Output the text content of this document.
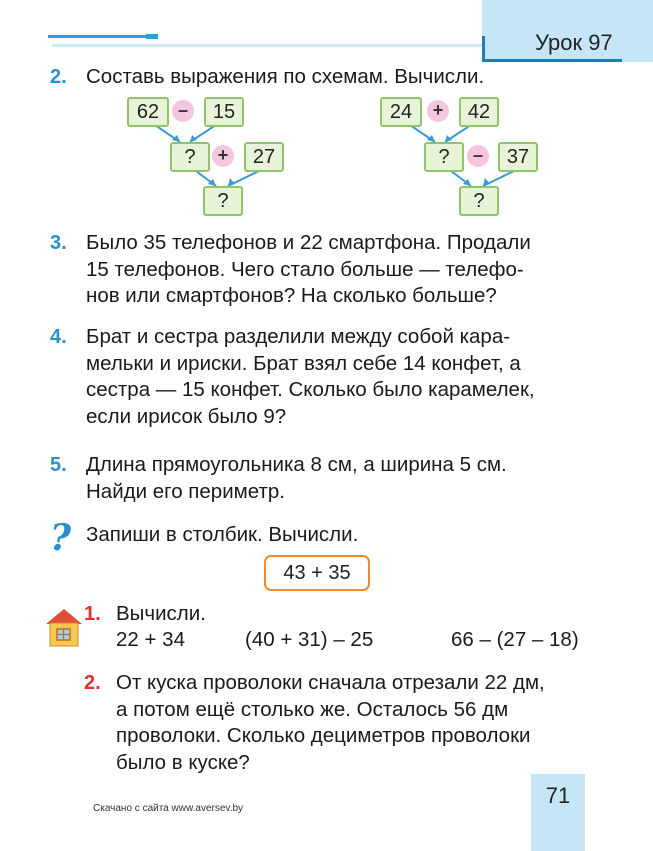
Урок 97
2. Составь выражения по схемам. Вычисли.
62	–	15
?	+	27
?
24	+	42
?	–	37
?
3. Было 35 телефонов и 22 смартфона. Продали
15 телефонов. Чего стало больше — телефо-
нов или смартфонов? На сколько больше?
4. Брат и сестра разделили между собой кара-
мельки и ириски. Брат взял себе 14 конфет, а
сестра — 15 конфет. Сколько было карамелек,
если ирисок было 9?
5. Длина прямоугольника 8 см, а ширина 5 см.
Найди его периметр.
? Запиши в столбик. Вычисли.
43 + 35
1. Вычисли.
22 + 34	(40 + 31) – 25	66 – (27 – 18)
2. От куска проволоки сначала отрезали 22 дм,
а потом ещё столько же. Осталось 56 дм
проволоки. Сколько дециметров проволоки
было в куске?
Скачано с сайта www.aversev.by
71
